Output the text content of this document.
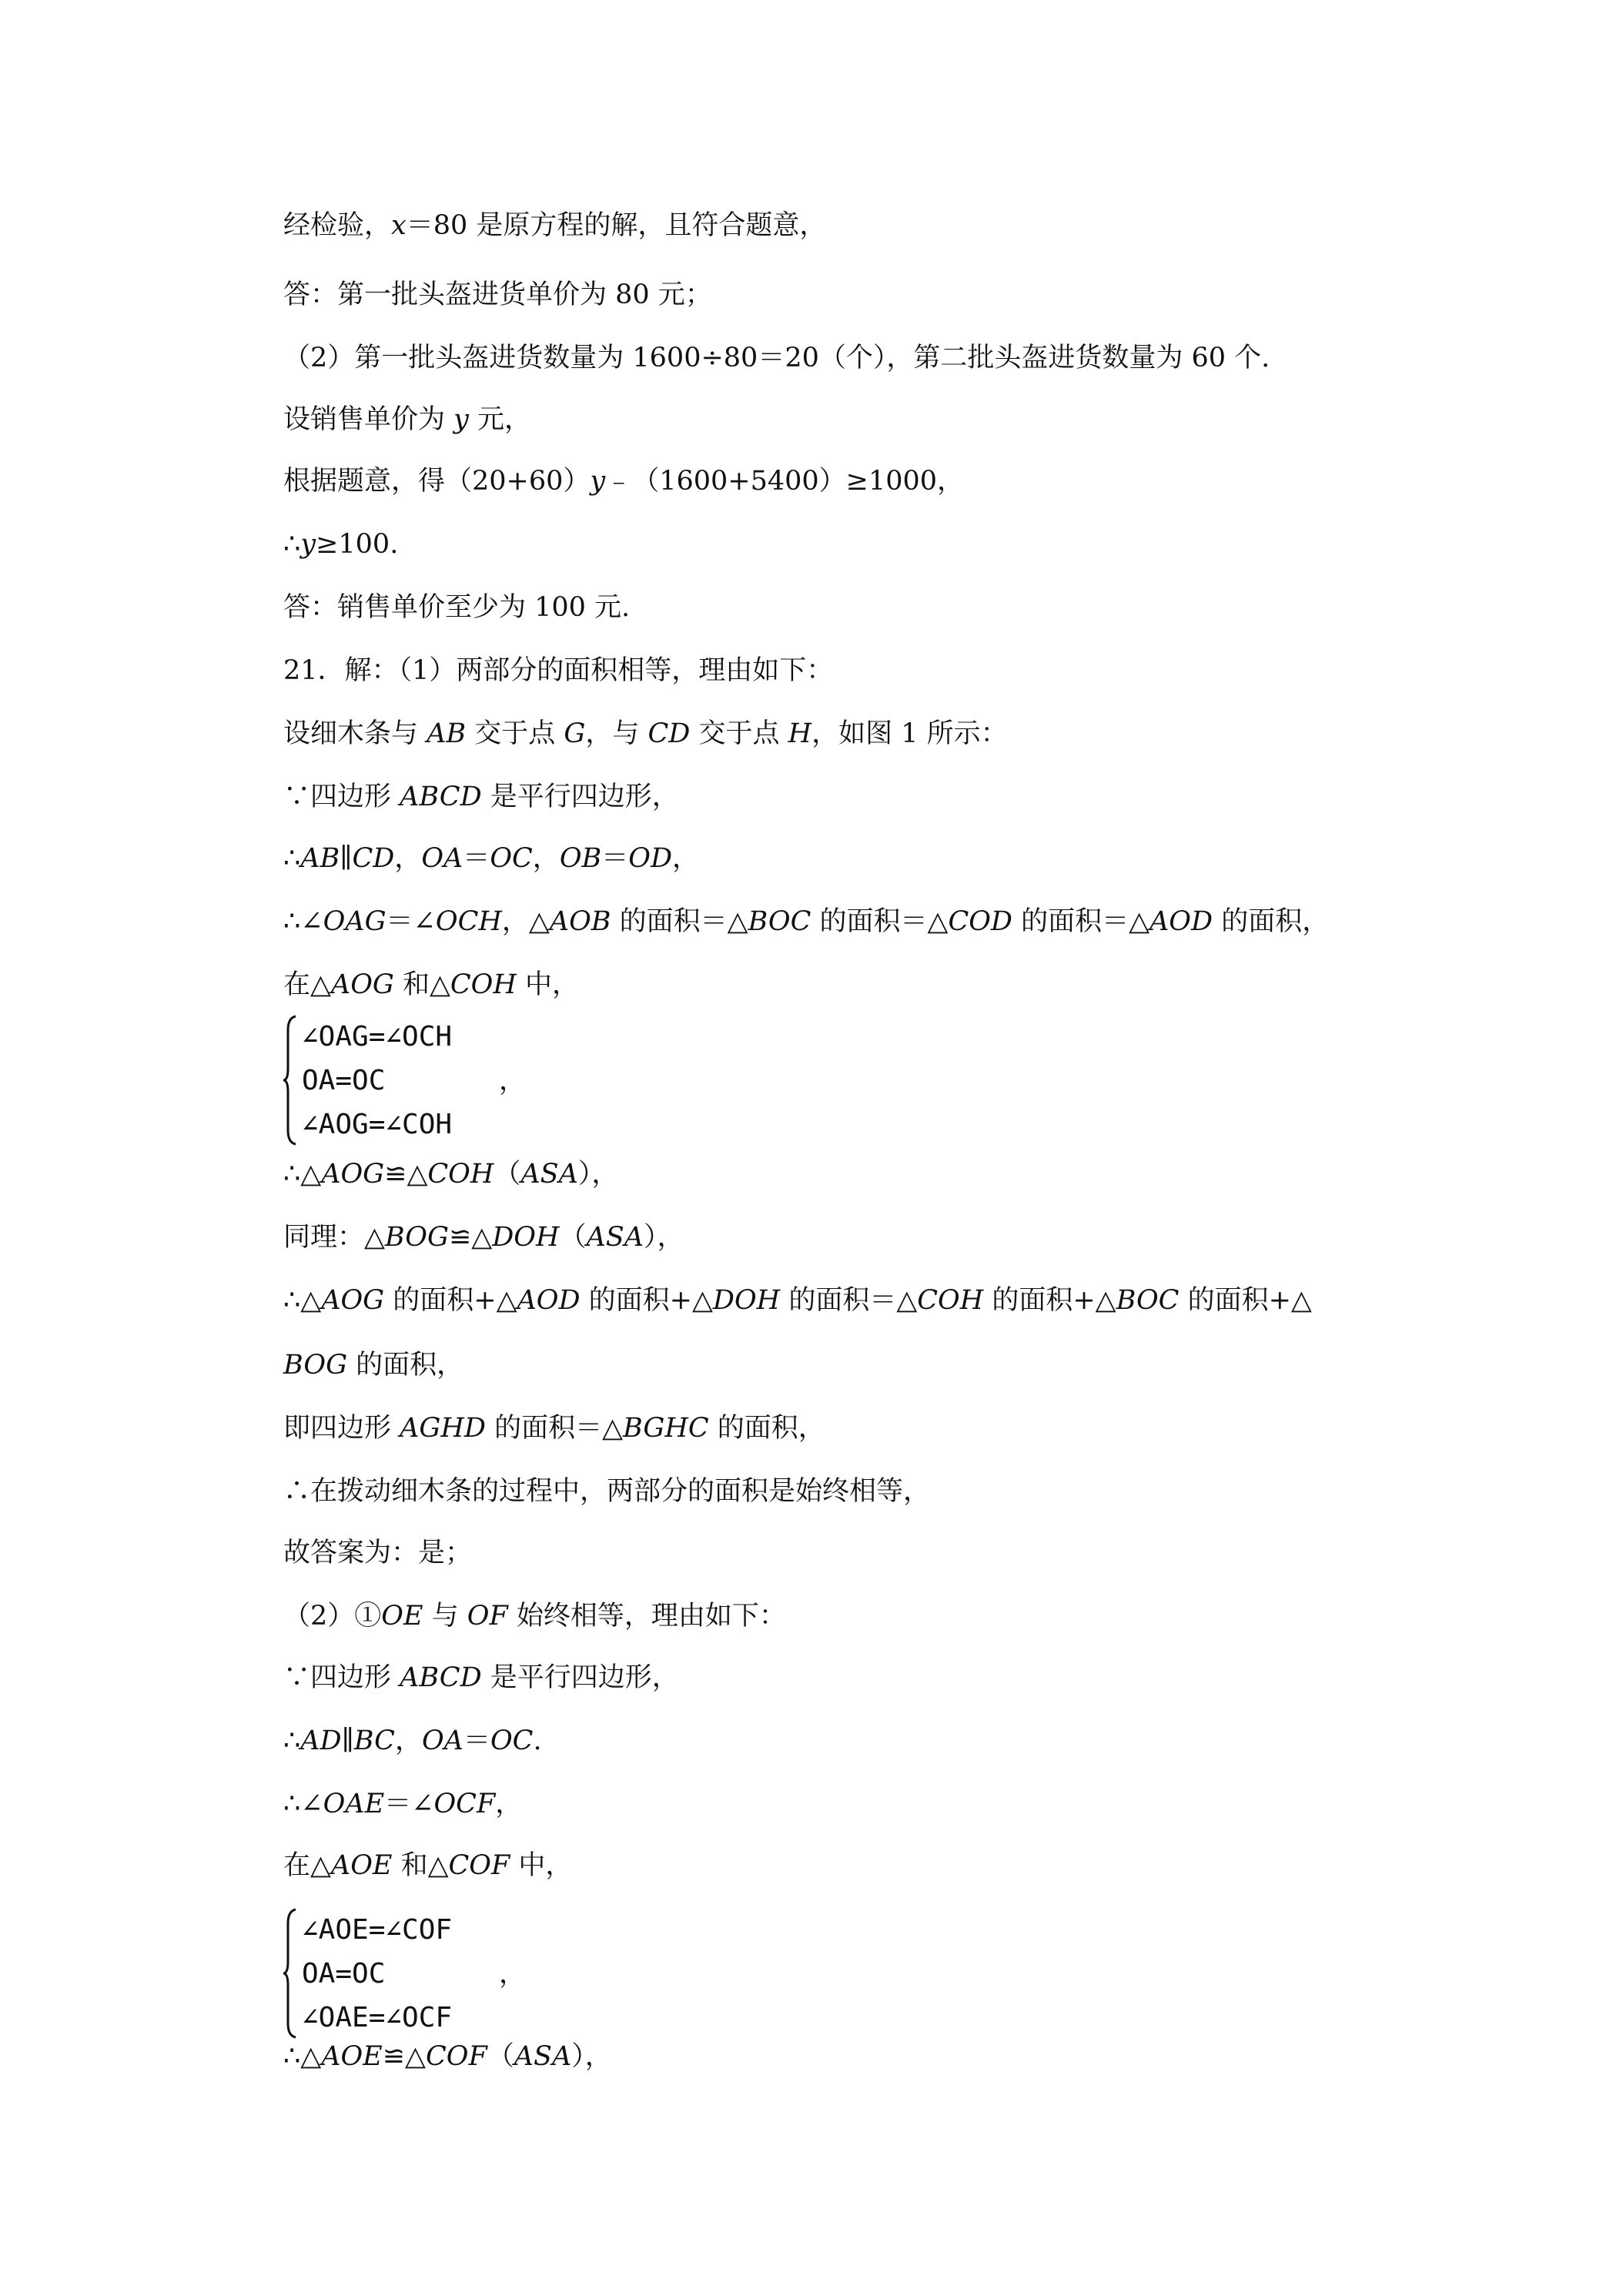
经检验，x＝80 是原方程的解，且符合题意，
答：第一批头盔进货单价为 80 元；
（2）第一批头盔进货数量为 1600÷80＝20（个），第二批头盔进货数量为 60 个.
设销售单价为 y 元，
根据题意，得（20+60）y﹣（1600+5400）≥1000，
∴y≥100.
答：销售单价至少为 100 元.
21．解：（1）两部分的面积相等，理由如下：
设细木条与 AB 交于点 G，与 CD 交于点 H，如图 1 所示：
∵四边形 ABCD 是平行四边形，
∴AB∥CD，OA＝OC，OB＝OD，
∴∠OAG＝∠OCH，△AOB 的面积＝△BOC 的面积＝△COD 的面积＝△AOD 的面积，
在△AOG 和△COH 中，
∴△AOG≌△COH（ASA），
同理：△BOG≌△DOH（ASA），
∴△AOG 的面积+△AOD 的面积+△DOH 的面积＝△COH 的面积+△BOC 的面积+△
BOG 的面积，
即四边形 AGHD 的面积＝△BGHC 的面积，
∴在拨动细木条的过程中，两部分的面积是始终相等，
故答案为：是；
（2）①OE 与 OF 始终相等，理由如下：
∵四边形 ABCD 是平行四边形，
∴AD∥BC，OA＝OC.
∴∠OAE＝∠OCF，
在△AOE 和△COF 中，
∴△AOE≌△COF（ASA），
∠OAG=∠OCH
OA=OC
∠AOG=∠COH
，
∠AOE=∠COF
OA=OC
∠OAE=∠OCF
，
